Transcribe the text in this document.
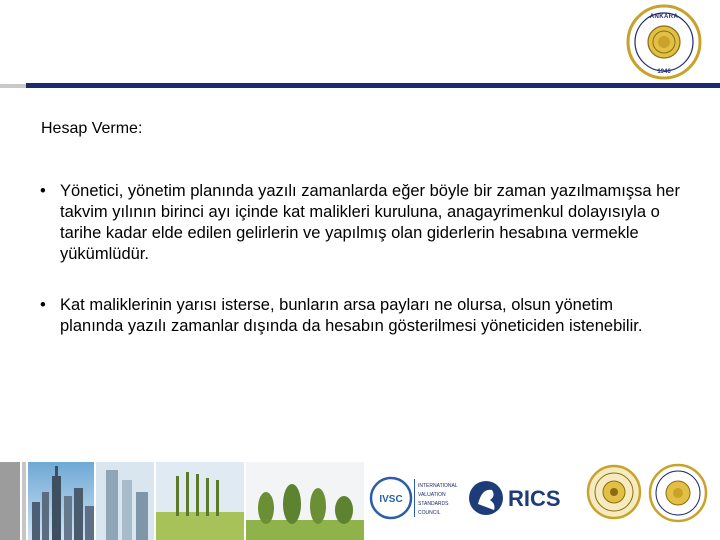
ANKARA
1946
Hesap Verme:
• Yönetici, yönetim planında yazılı zamanlarda eğer böyle bir zaman yazılmamışsa her takvim yılının birinci ayı içinde kat malikleri kuruluna, anagayrimenkul dolayısıyla o tarihe kadar elde edilen gelirlerin ve yapılmış olan giderlerin hesabına vermekle yükümlüdür.
• Kat maliklerinin yarısı isterse, bunların arsa payları ne olursa, olsun yönetim planında yazılı zamanlar dışında da hesabın gösterilmesi yöneticiden istenebilir.
IVSC
INTERNATIONAL
VALUATION
STANDARDS
COUNCIL
RICS
